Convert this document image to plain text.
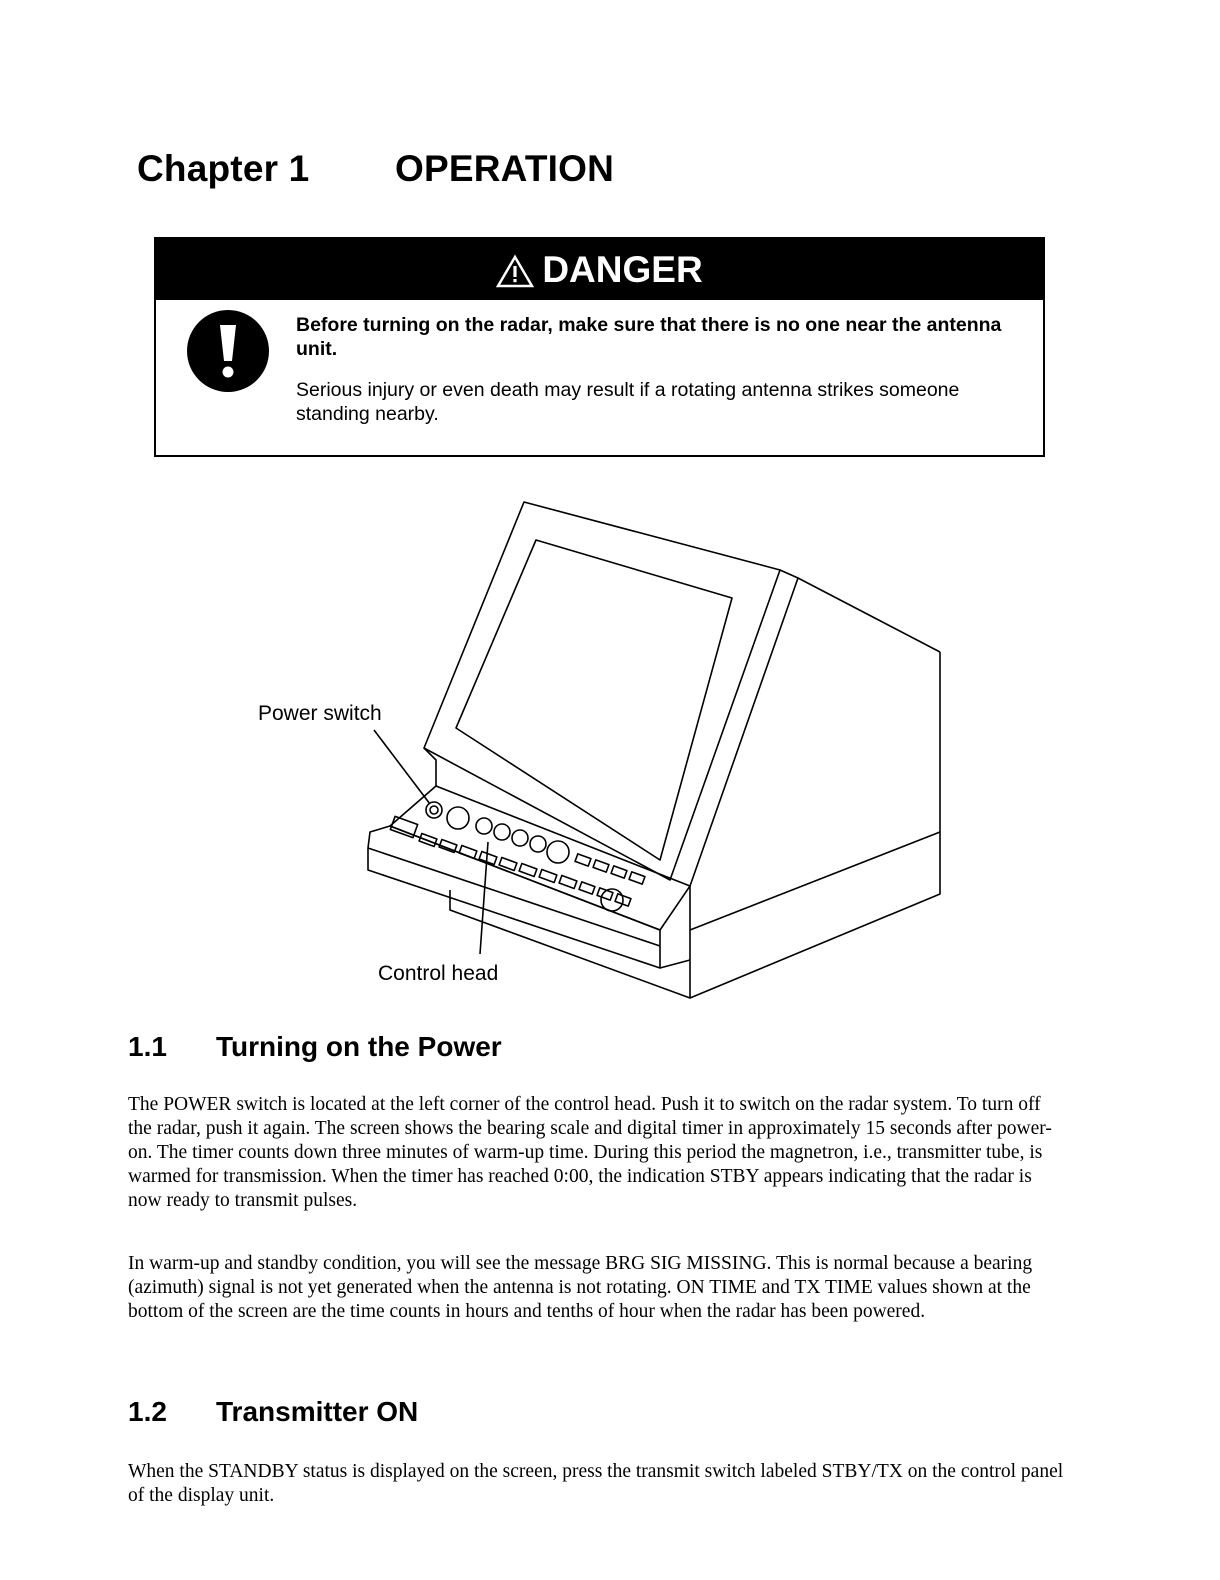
Chapter 1 OPERATION
DANGER

Before turning on the radar, make sure that there is no one near the antenna unit.

Serious injury or even death may result if a rotating antenna strikes someone standing nearby.

Power switch
Control head
1.1 Turning on the Power

The POWER switch is located at the left corner of the control head. Push it to switch on the radar system. To turn off the radar, push it again. The screen shows the bearing scale and digital timer in approximately 15 seconds after power-on. The timer counts down three minutes of warm-up time. During this period the magnetron, i.e., transmitter tube, is warmed for transmission. When the timer has reached 0:00, the indication STBY appears indicating that the radar is now ready to transmit pulses.

In warm-up and standby condition, you will see the message BRG SIG MISSING. This is normal because a bearing (azimuth) signal is not yet generated when the antenna is not rotating. ON TIME and TX TIME values shown at the bottom of the screen are the time counts in hours and tenths of hour when the radar has been powered.

1.2 Transmitter ON

When the STANDBY status is displayed on the screen, press the transmit switch labeled STBY/TX on the control panel of the display unit.
